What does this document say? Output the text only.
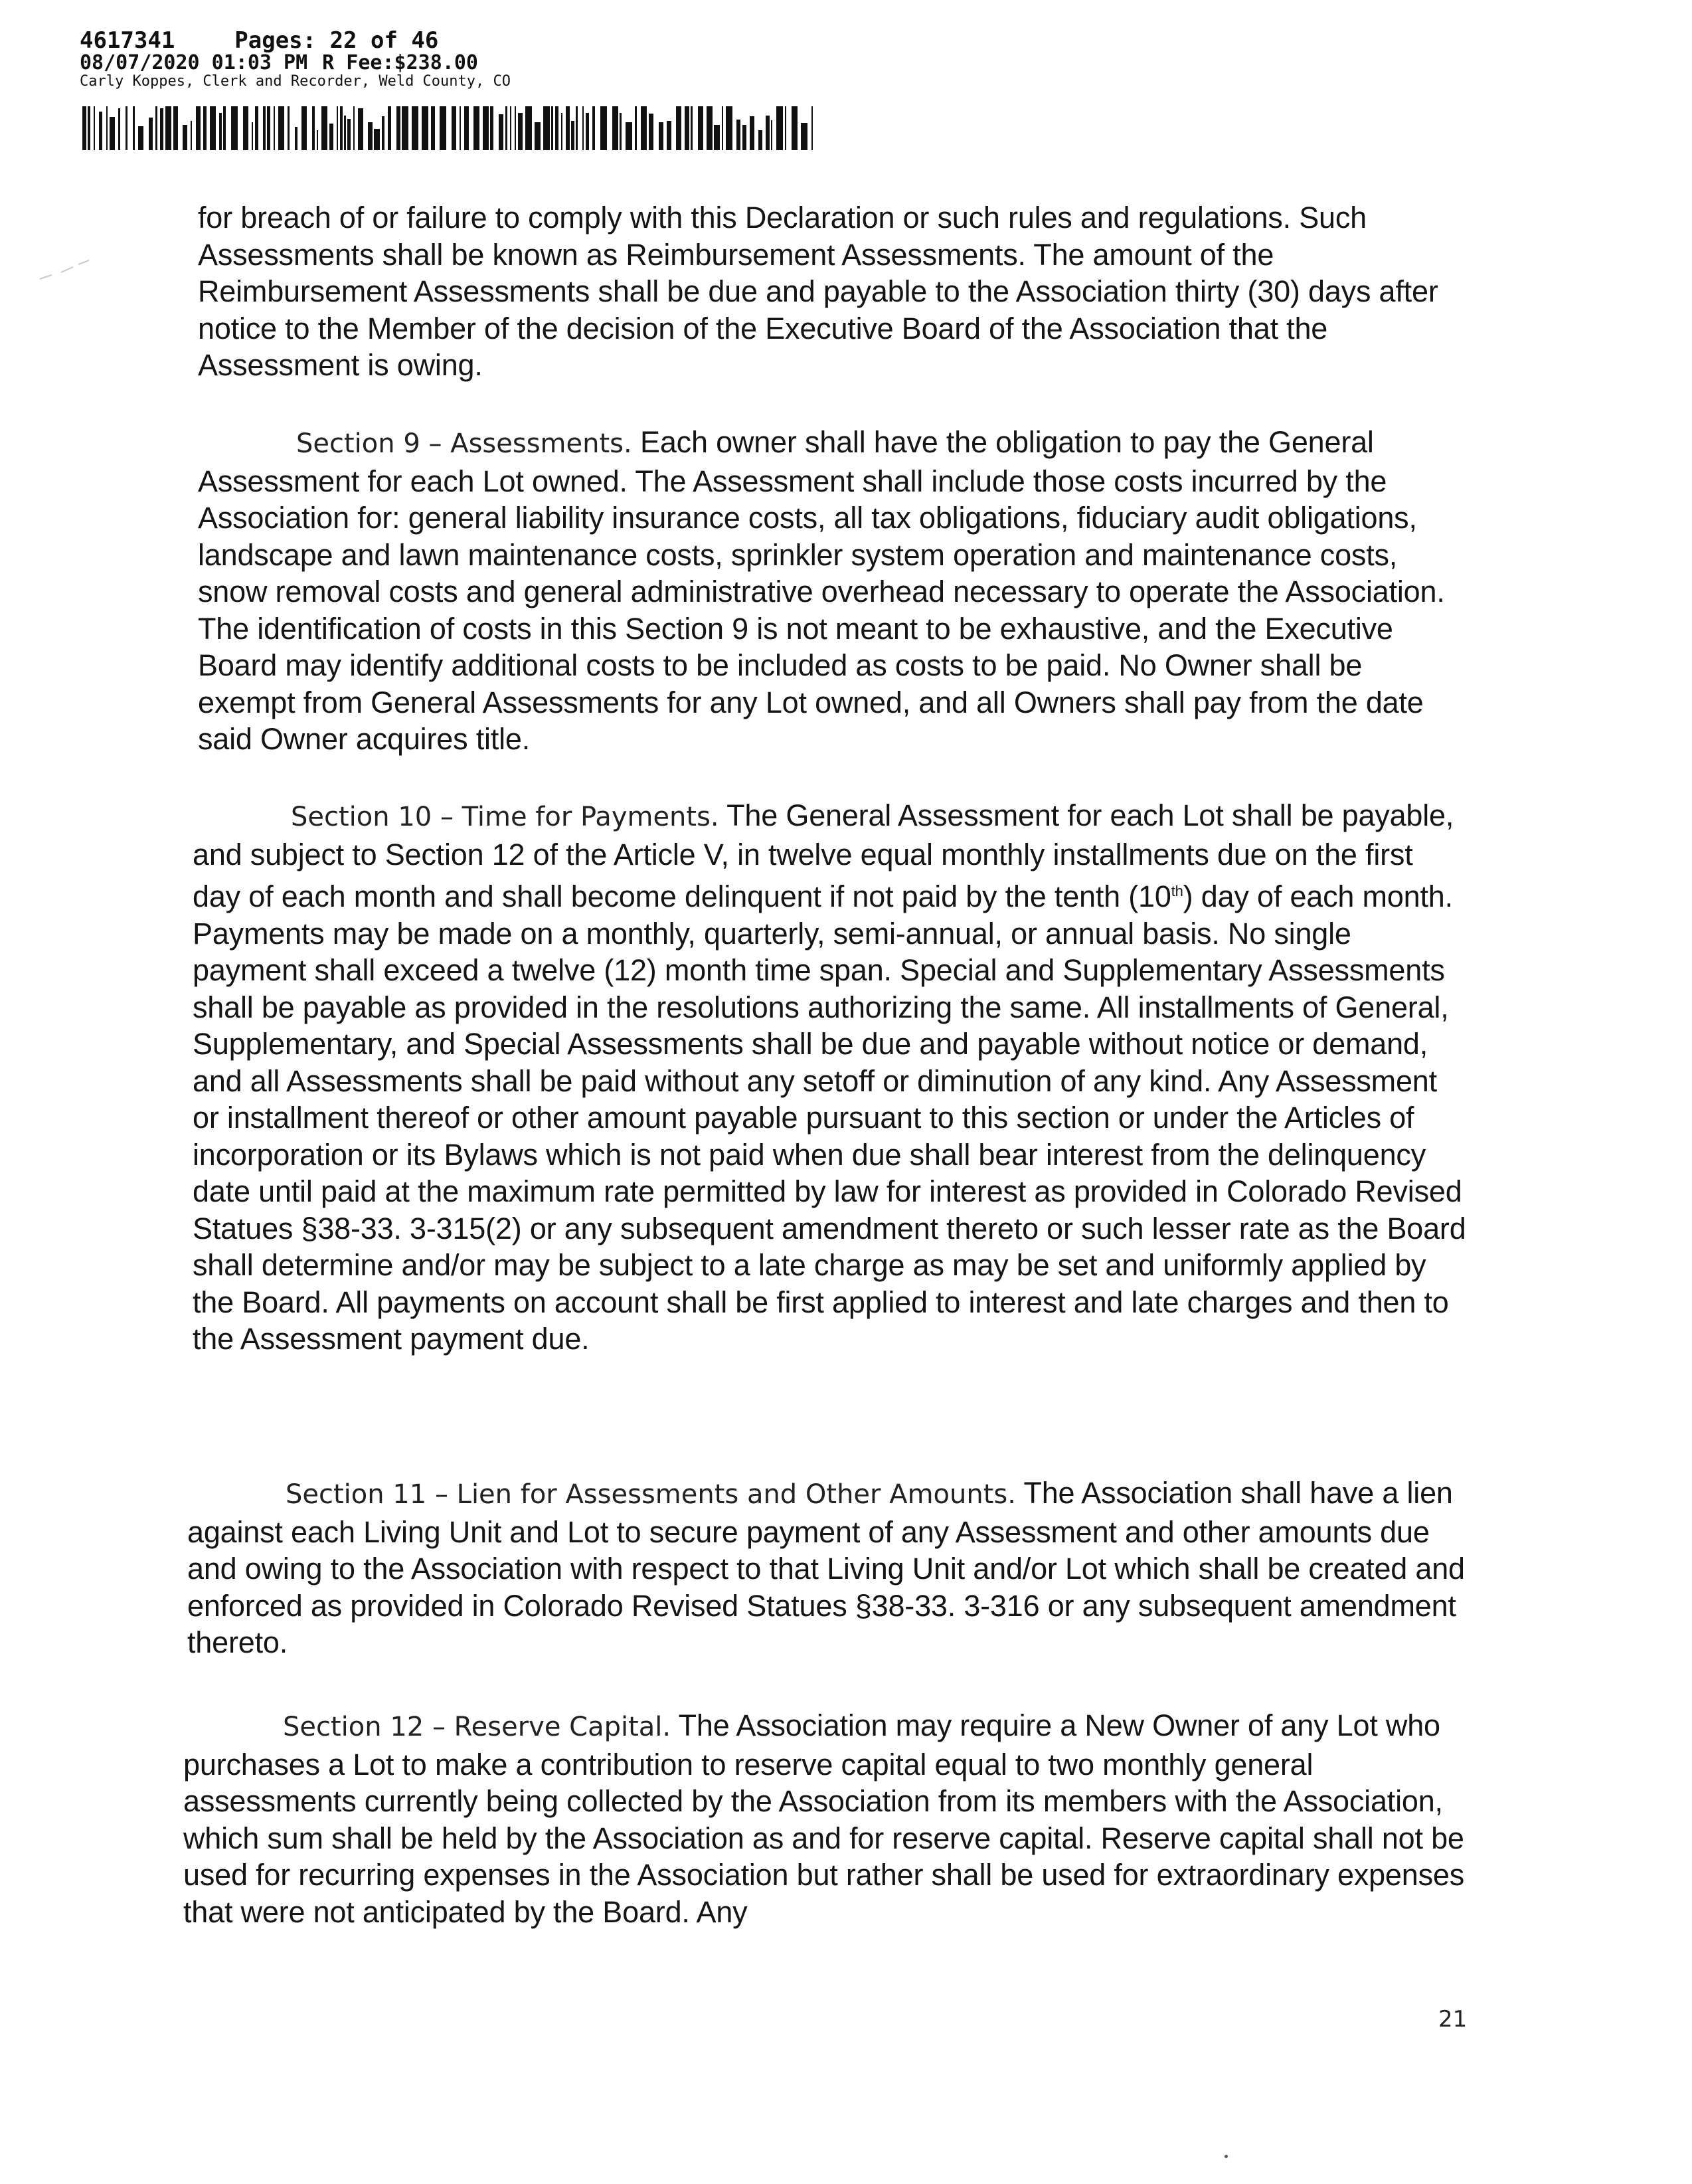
4617341	Pages: 22 of 46
08/07/2020 01:03 PM R Fee:$238.00
Carly Koppes, Clerk and Recorder, Weld County, CO
for breach of or failure to comply with this Declaration or such rules and regulations. Such Assessments shall be known as Reimbursement Assessments. The amount of the Reimbursement Assessments shall be due and payable to the Association thirty (30) days after notice to the Member of the decision of the Executive Board of the Association that the Assessment is owing.
Section 9 – Assessments. Each owner shall have the obligation to pay the General Assessment for each Lot owned. The Assessment shall include those costs incurred by the Association for: general liability insurance costs, all tax obligations, fiduciary audit obligations, landscape and lawn maintenance costs, sprinkler system operation and maintenance costs, snow removal costs and general administrative overhead necessary to operate the Association. The identification of costs in this Section 9 is not meant to be exhaustive, and the Executive Board may identify additional costs to be included as costs to be paid. No Owner shall be exempt from General Assessments for any Lot owned, and all Owners shall pay from the date said Owner acquires title.
Section 10 – Time for Payments. The General Assessment for each Lot shall be payable, and subject to Section 12 of the Article V, in twelve equal monthly installments due on the first day of each month and shall become delinquent if not paid by the tenth (10th) day of each month. Payments may be made on a monthly, quarterly, semi-annual, or annual basis. No single payment shall exceed a twelve (12) month time span. Special and Supplementary Assessments shall be payable as provided in the resolutions authorizing the same. All installments of General, Supplementary, and Special Assessments shall be due and payable without notice or demand, and all Assessments shall be paid without any setoff or diminution of any kind. Any Assessment or installment thereof or other amount payable pursuant to this section or under the Articles of incorporation or its Bylaws which is not paid when due shall bear interest from the delinquency date until paid at the maximum rate permitted by law for interest as provided in Colorado Revised Statues §38-33. 3-315(2) or any subsequent amendment thereto or such lesser rate as the Board shall determine and/or may be subject to a late charge as may be set and uniformly applied by the Board. All payments on account shall be first applied to interest and late charges and then to the Assessment payment due.
Section 11 – Lien for Assessments and Other Amounts. The Association shall have a lien against each Living Unit and Lot to secure payment of any Assessment and other amounts due and owing to the Association with respect to that Living Unit and/or Lot which shall be created and enforced as provided in Colorado Revised Statues §38-33. 3-316 or any subsequent amendment thereto.
Section 12 – Reserve Capital. The Association may require a New Owner of any Lot who purchases a Lot to make a contribution to reserve capital equal to two monthly general assessments currently being collected by the Association from its members with the Association, which sum shall be held by the Association as and for reserve capital. Reserve capital shall not be used for recurring expenses in the Association but rather shall be used for extraordinary expenses that were not anticipated by the Board. Any
21
